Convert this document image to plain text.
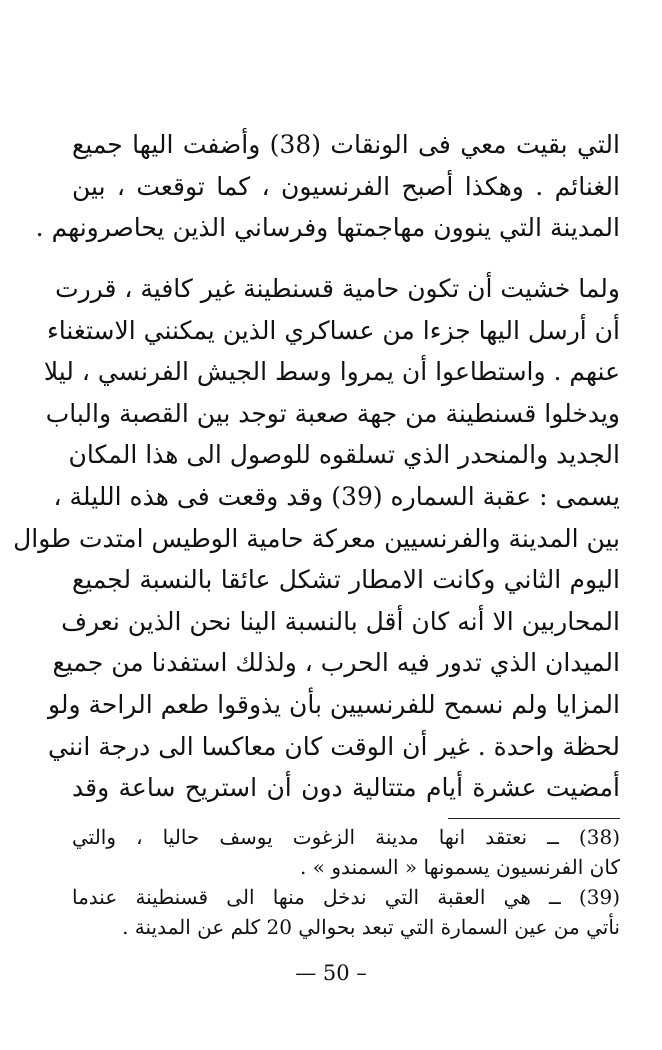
التي بقيت معي فى الونقات (38) وأضفت اليها جميع
الغنائم . وهكذا أصبح الفرنسيون ، كما توقعت ، بين
المدينة التي ينوون مهاجمتها وفرساني الذين يحاصرونهم .
ولما خشيت أن تكون حامية قسنطينة غير كافية ، قررت
أن أرسل اليها جزءا من عساكري الذين يمكنني الاستغناء
عنهم . واستطاعوا أن يمروا وسط الجيش الفرنسي ، ليلا
ويدخلوا قسنطينة من جهة صعبة توجد بين القصبة والباب
الجديد والمنحدر الذي تسلقوه للوصول الى هذا المكان
يسمى : عقبة السماره (39) وقد وقعت فى هذه الليلة ،
بين المدينة والفرنسيين معركة حامية الوطيس امتدت طوال
اليوم الثاني وكانت الامطار تشكل عائقا بالنسبة لجميع
المحاربين الا أنه كان أقل بالنسبة الينا نحن الذين نعرف
الميدان الذي تدور فيه الحرب ، ولذلك استفدنا من جميع
المزايا ولم نسمح للفرنسيين بأن يذوقوا طعم الراحة ولو
لحظة واحدة . غير أن الوقت كان معاكسا الى درجة انني
أمضيت عشرة أيام متتالية دون أن استريح ساعة وقد
(38) ــ نعتقد انها مدينة الزغوت يوسف حاليا ، والتي
كان الفرنسيون يسمونها « السمندو » .
(39) ــ هي العقبة التي ندخل منها الى قسنطينة عندما
نأتي من عين السمارة التي تبعد بحوالي 20 كلم عن المدينة .
— 50 –
